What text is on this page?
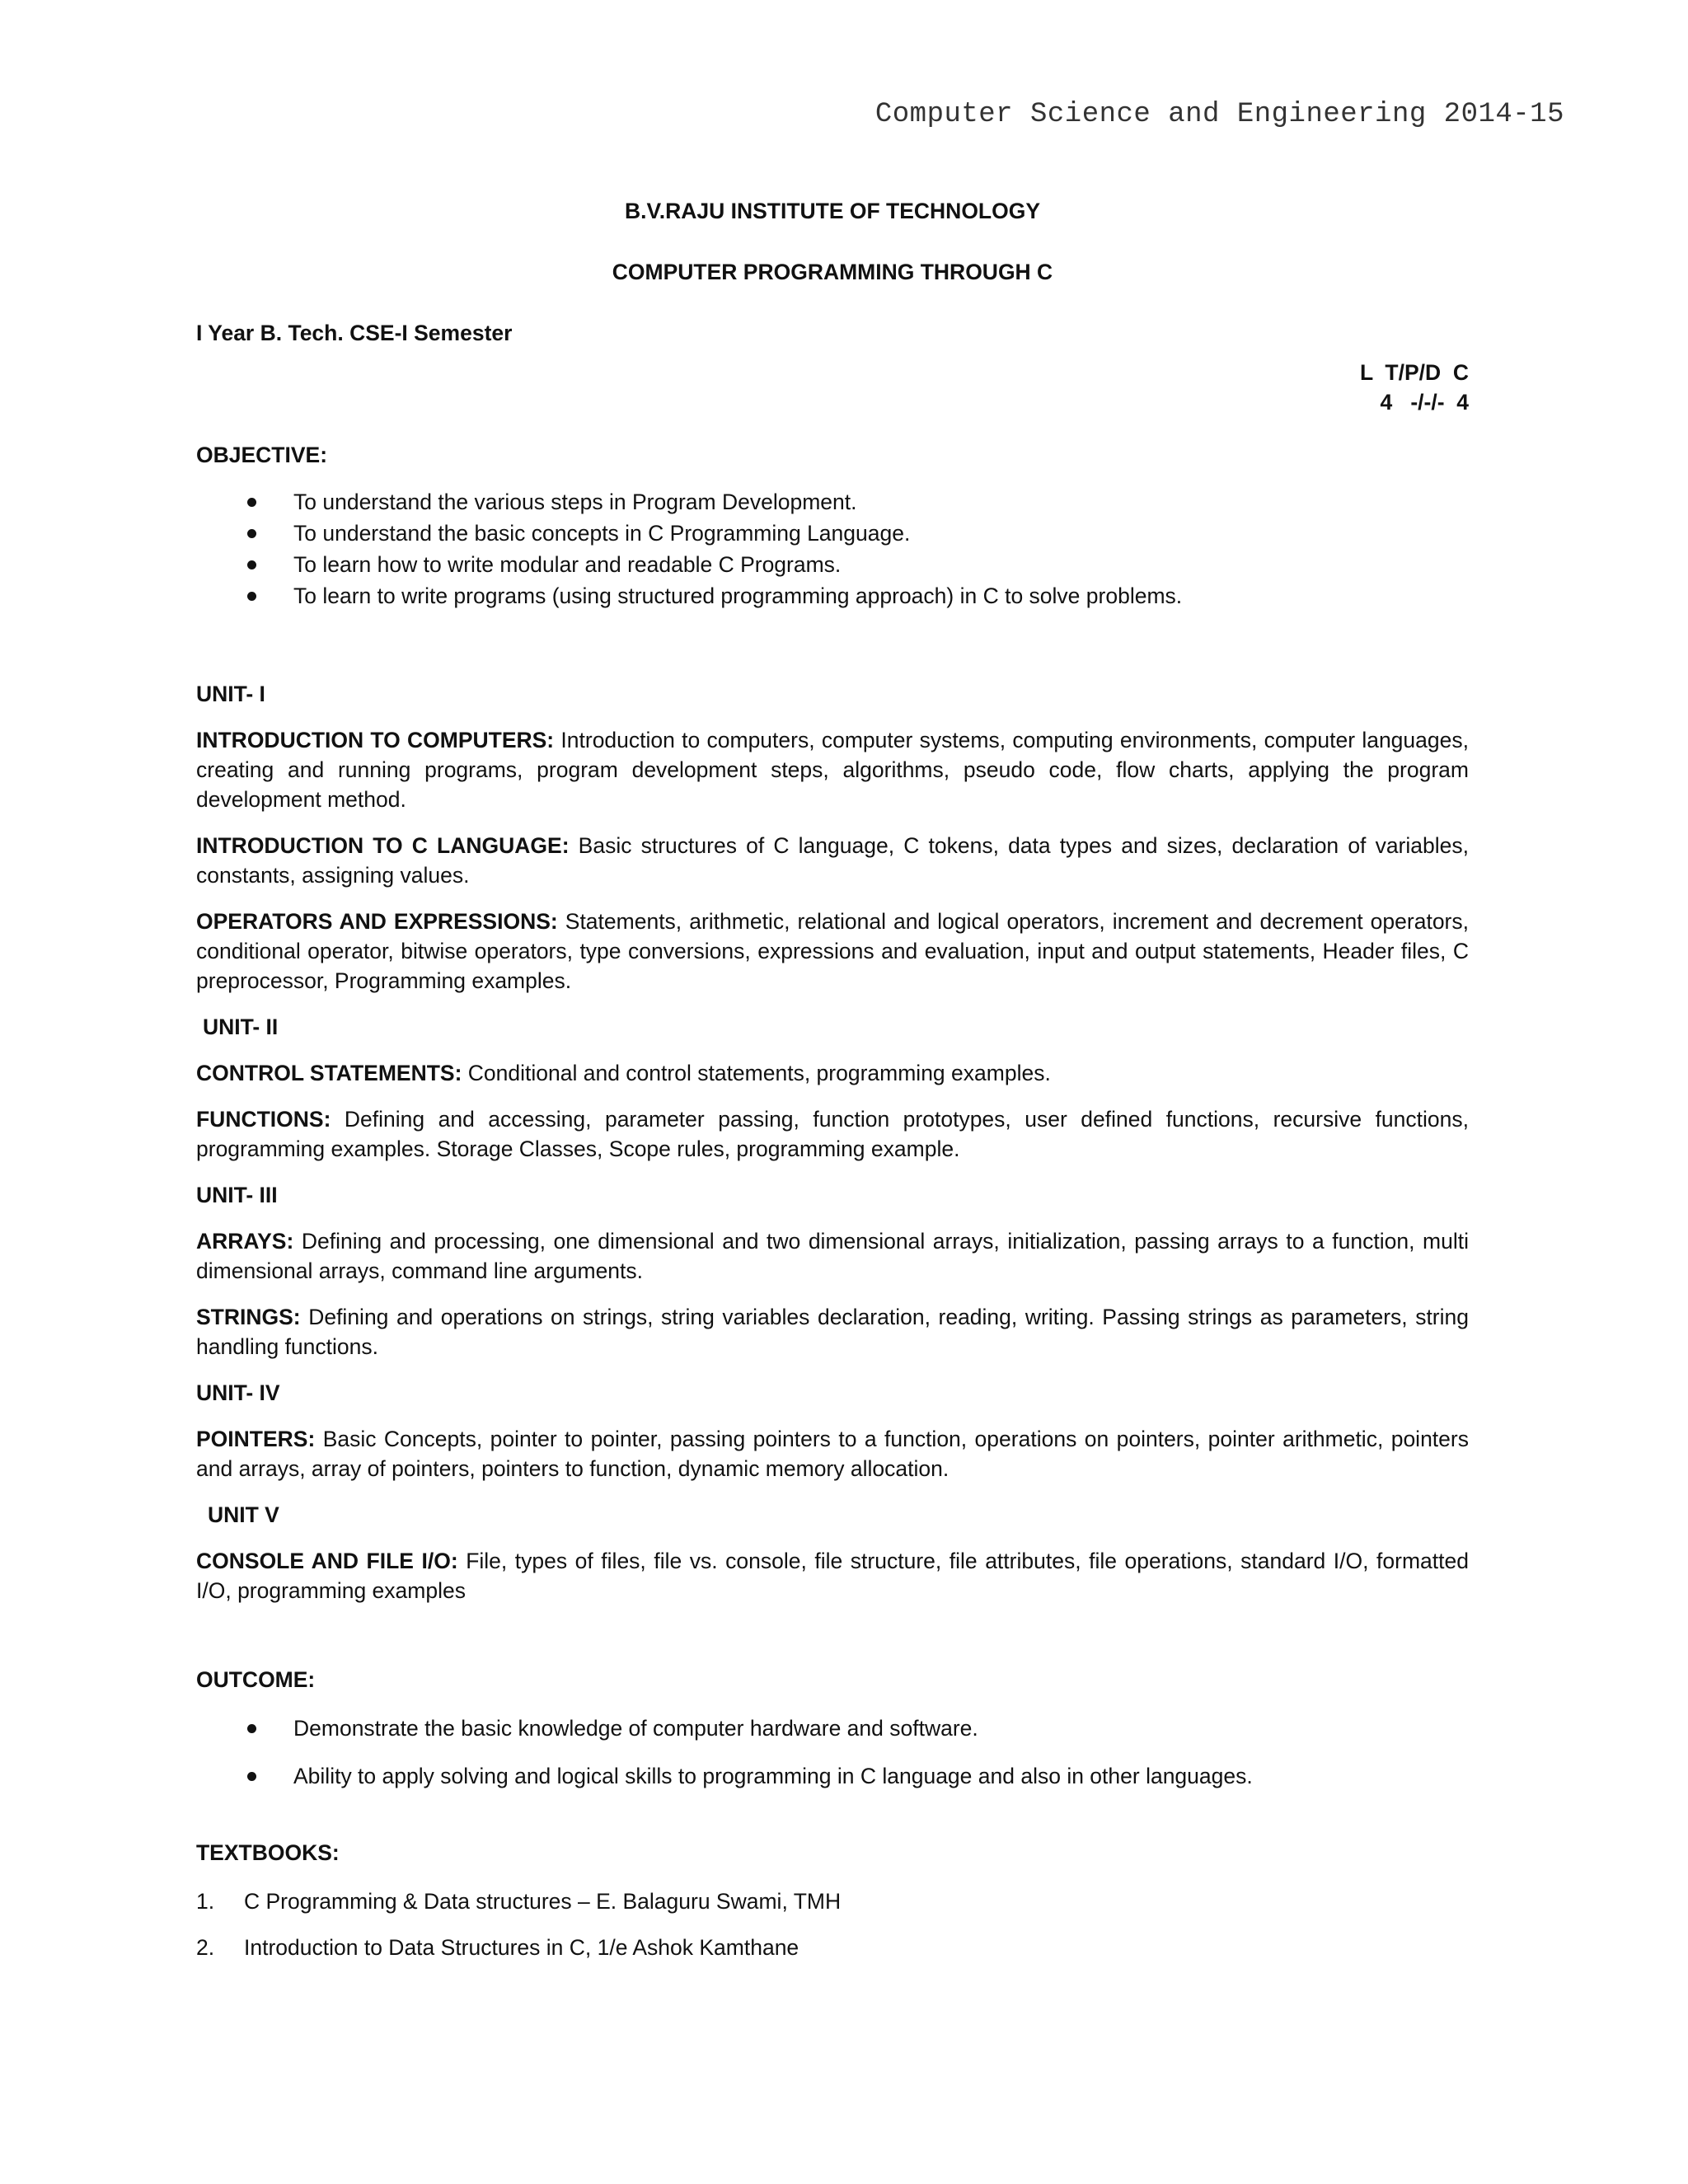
Computer Science and Engineering 2014-15

B.V.RAJU INSTITUTE OF TECHNOLOGY

COMPUTER PROGRAMMING THROUGH C

I Year B. Tech. CSE-I Semester

L  T/P/D  C
4   -/-/-  4

OBJECTIVE:

To understand the various steps in Program Development.
To understand the basic concepts in C Programming Language.
To learn how to write modular and readable C Programs.
To learn to write programs (using structured programming approach) in C to solve problems.

UNIT- I

INTRODUCTION TO COMPUTERS: Introduction to computers, computer systems, computing environments, computer languages, creating and running programs, program development steps, algorithms, pseudo code, flow charts, applying the program development method.

INTRODUCTION TO C LANGUAGE: Basic structures of C language, C tokens, data types and sizes, declaration of variables, constants, assigning values.

OPERATORS AND EXPRESSIONS: Statements, arithmetic, relational and logical operators, increment and decrement operators, conditional operator, bitwise operators, type conversions, expressions and evaluation, input and output statements, Header files, C preprocessor, Programming examples.

UNIT- II

CONTROL STATEMENTS: Conditional and control statements, programming examples.

FUNCTIONS: Defining and accessing, parameter passing, function prototypes, user defined functions, recursive functions, programming examples. Storage Classes, Scope rules, programming example.

UNIT- III

ARRAYS: Defining and processing, one dimensional and two dimensional arrays, initialization, passing arrays to a function, multi dimensional arrays, command line arguments.

STRINGS: Defining and operations on strings, string variables declaration, reading, writing. Passing strings as parameters, string handling functions.

UNIT- IV

POINTERS: Basic Concepts, pointer to pointer, passing pointers to a function, operations on pointers, pointer arithmetic, pointers and arrays, array of pointers, pointers to function, dynamic memory allocation.

UNIT V

CONSOLE AND FILE I/O: File, types of files, file vs. console, file structure, file attributes, file operations, standard I/O, formatted I/O, programming examples

OUTCOME:

Demonstrate the basic knowledge of computer hardware and software.
Ability to apply solving and logical skills to programming in C language and also in other languages.

TEXTBOOKS:

1.	C Programming & Data structures – E. Balaguru Swami, TMH
2.	Introduction to Data Structures in C, 1/e Ashok Kamthane
